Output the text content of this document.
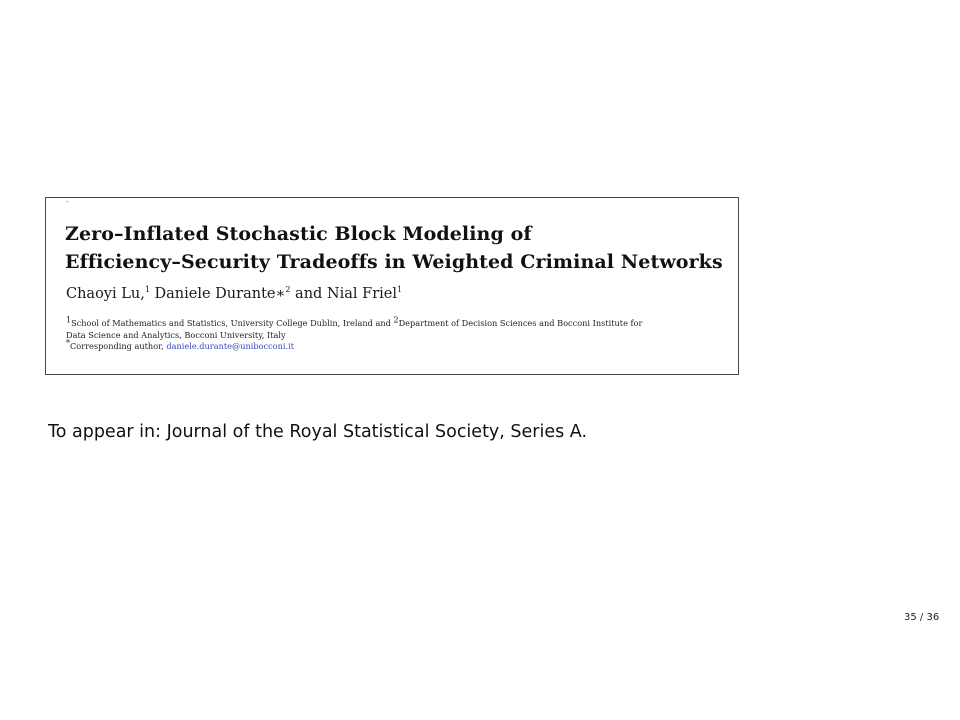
-
Zero–Inflated Stochastic Block Modeling of
Efficiency–Security Tradeoffs in Weighted Criminal Networks
Chaoyi Lu,$^1$ Daniele Durante∗$^2$ and Nial Friel$^1$
$^1$School of Mathematics and Statistics, University College Dublin, Ireland and $^2$Department of Decision Sciences and Bocconi Institute for
Data Science and Analytics, Bocconi University, Italy
*Corresponding author, daniele.durante@unibocconi.it
To appear in: Journal of the Royal Statistical Society, Series A.
35 / 36
